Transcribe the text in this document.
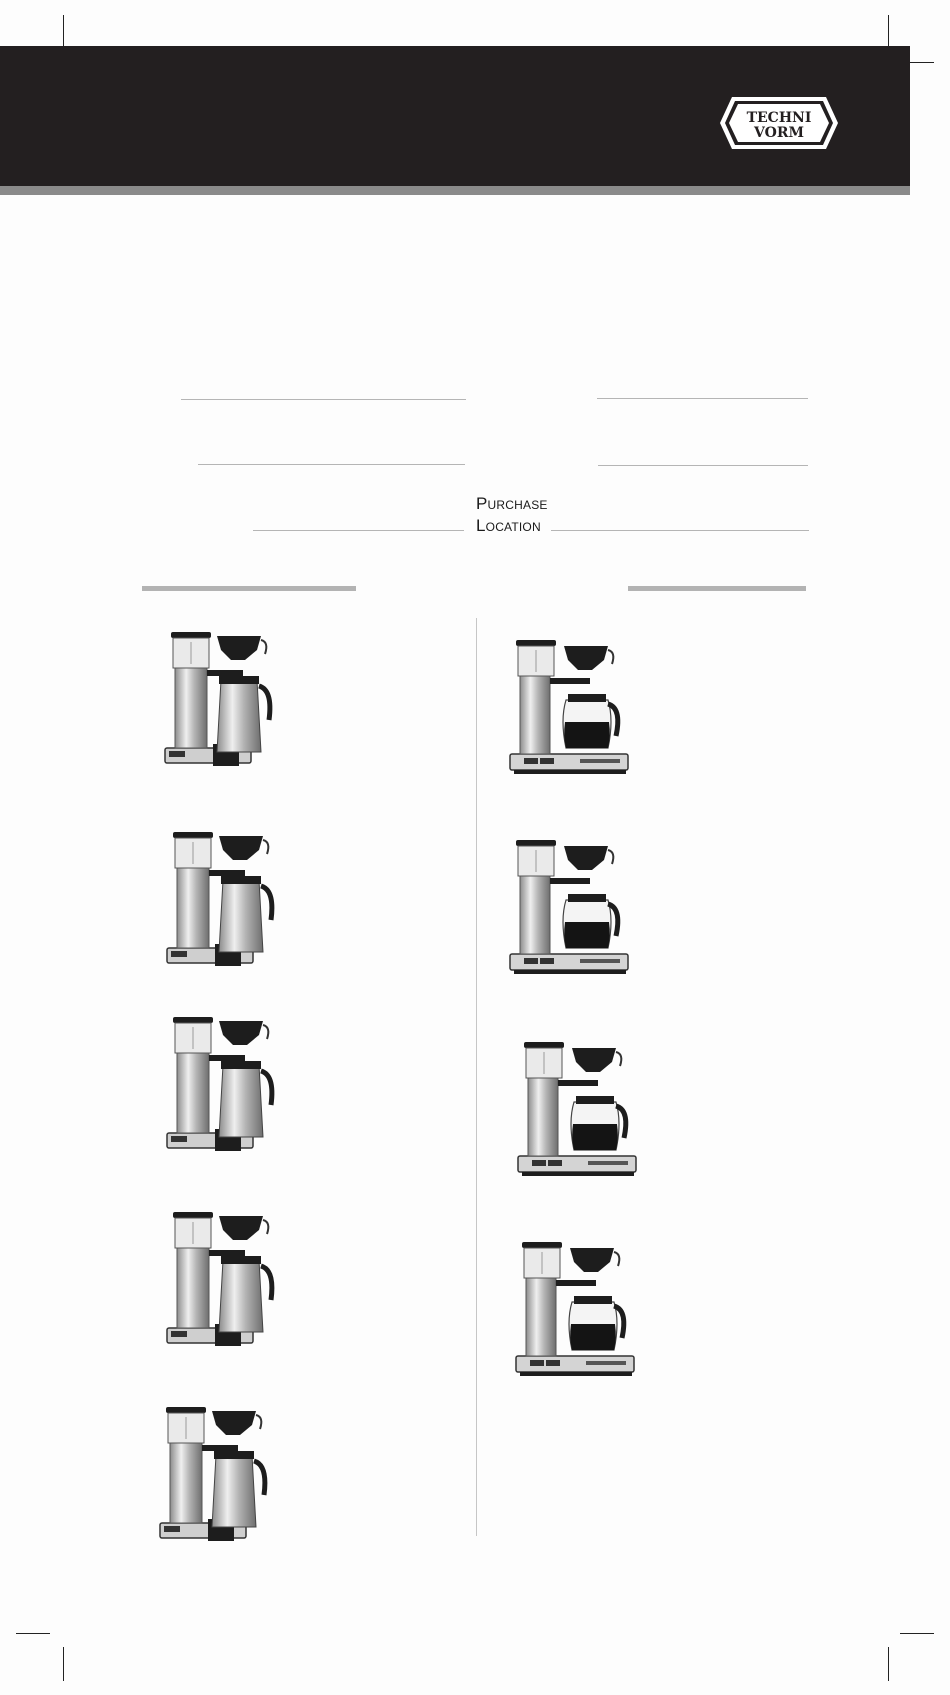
TECHNI
VORM
Purchase
Location
